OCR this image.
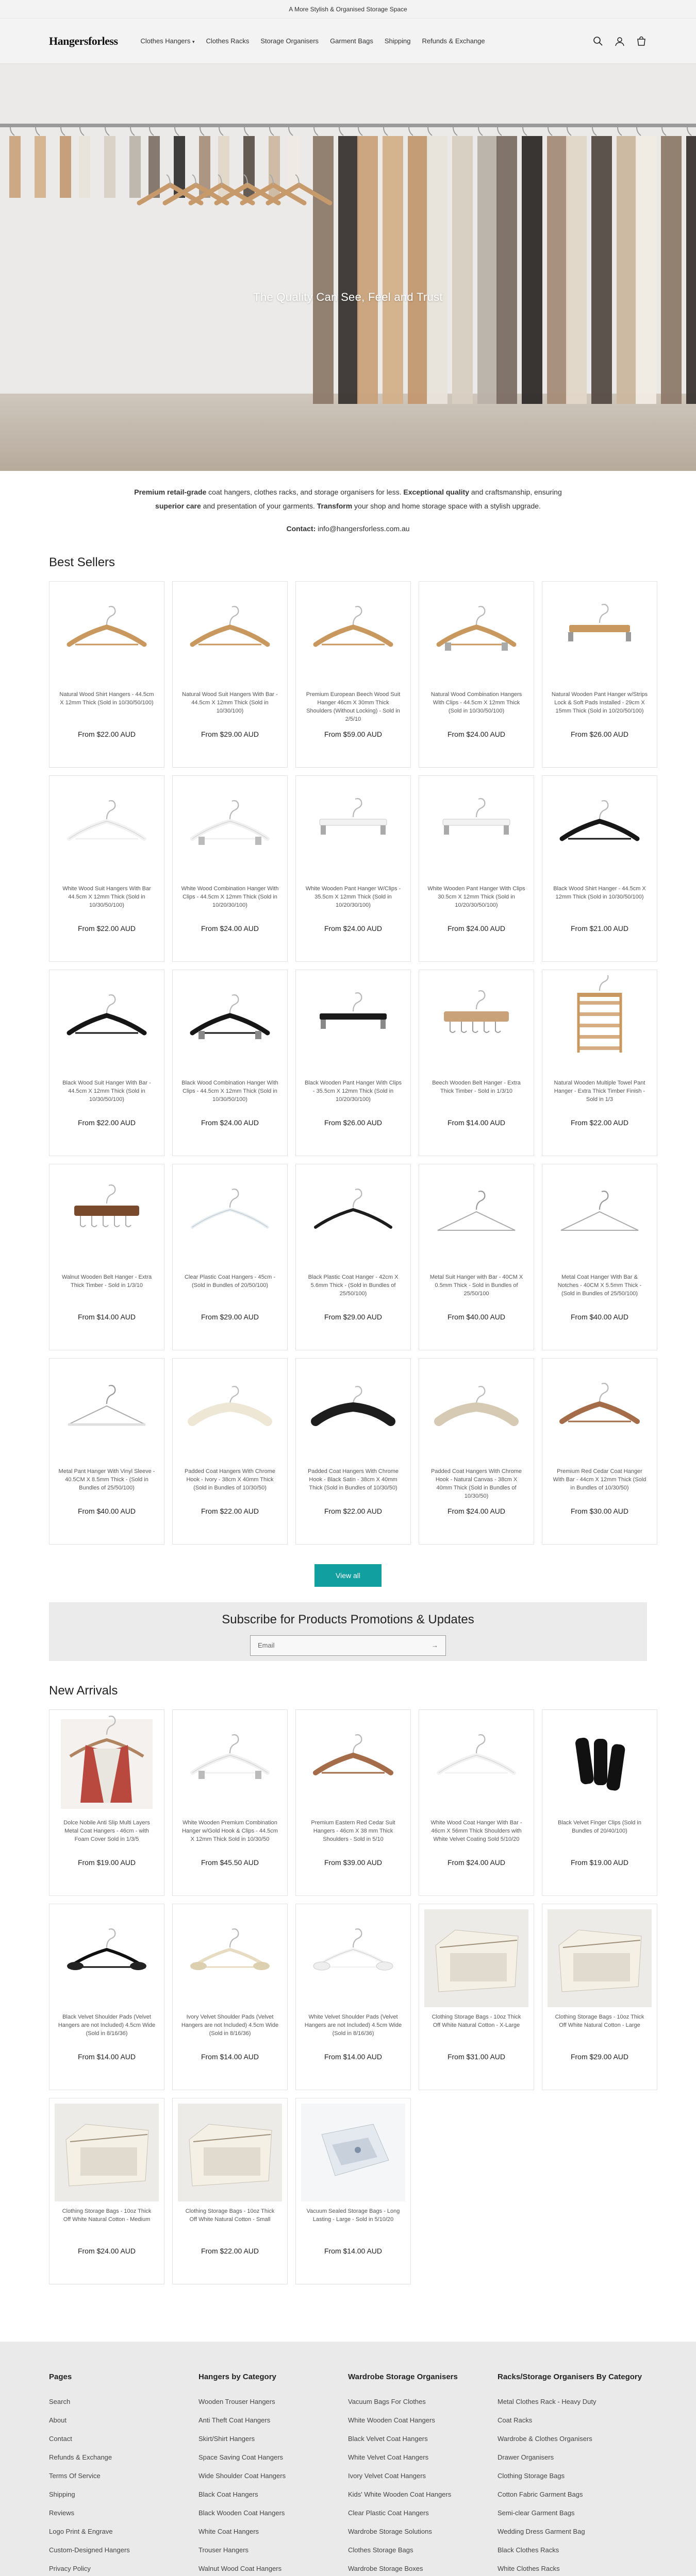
A More Stylish & Organised Storage Space
Hangersforless	Clothes Hangers ▾ Clothes Racks Storage Organisers Garment Bags Shipping Refunds & Exchange
The Quality Can See, Feel and Trust

Premium retail-grade coat hangers, clothes racks, and storage organisers for less. Exceptional quality and craftsmanship, ensuring superior care and presentation of your garments. Transform your shop and home storage space with a stylish upgrade.

Contact: info@hangersforless.com.au

Best Sellers
Natural Wood Shirt Hangers - 44.5cm X 12mm Thick (Sold in 10/30/50/100)
From $22.00 AUD
Natural Wood Suit Hangers With Bar - 44.5cm X 12mm Thick (Sold in 10/30/100)
From $29.00 AUD
Premium European Beech Wood Suit Hanger 46cm X 30mm Thick Shoulders (Without Locking) - Sold in 2/5/10
From $59.00 AUD
Natural Wood Combination Hangers With Clips - 44.5cm X 12mm Thick (Sold in 10/30/50/100)
From $24.00 AUD
Natural Wooden Pant Hanger w/Strips Lock & Soft Pads Installed - 29cm X 15mm Thick (Sold in 10/20/50/100)
From $26.00 AUD
White Wood Suit Hangers With Bar 44.5cm X 12mm Thick (Sold in 10/30/50/100)
From $22.00 AUD
White Wood Combination Hanger With Clips - 44.5cm X 12mm Thick (Sold in 10/20/30/100)
From $24.00 AUD
White Wooden Pant Hanger W/Clips - 35.5cm X 12mm Thick (Sold in 10/20/30/100)
From $24.00 AUD
White Wooden Pant Hanger With Clips 30.5cm X 12mm Thick (Sold in 10/20/30/50/100)
From $24.00 AUD
Black Wood Shirt Hanger - 44.5cm X 12mm Thick (Sold in 10/30/50/100)
From $21.00 AUD
Black Wood Suit Hanger With Bar - 44.5cm X 12mm Thick (Sold in 10/30/50/100)
From $22.00 AUD
Black Wood Combination Hanger With Clips - 44.5cm X 12mm Thick (Sold in 10/30/50/100)
From $24.00 AUD
Black Wooden Pant Hanger With Clips - 35.5cm X 12mm Thick (Sold in 10/20/30/100)
From $26.00 AUD
Beech Wooden Belt Hanger - Extra Thick Timber - Sold in 1/3/10
From $14.00 AUD
Natural Wooden Multiple Towel Pant Hanger - Extra Thick Timber Finish - Sold in 1/3
From $22.00 AUD
Walnut Wooden Belt Hanger - Extra Thick Timber - Sold in 1/3/10
From $14.00 AUD
Clear Plastic Coat Hangers - 45cm - (Sold in Bundles of 20/50/100)
From $29.00 AUD
Black Plastic Coat Hanger - 42cm X 5.6mm Thick - (Sold in Bundles of 25/50/100)
From $29.00 AUD
Metal Suit Hanger with Bar - 40CM X 0.5mm Thick - Sold in Bundles of 25/50/100
From $40.00 AUD
Metal Coat Hanger With Bar & Notches - 40CM X 5.5mm Thick - (Sold in Bundles of 25/50/100)
From $40.00 AUD
Metal Pant Hanger With Vinyl Sleeve - 40.5CM X 8.5mm Thick - (Sold in Bundles of 25/50/100)
From $40.00 AUD
Padded Coat Hangers With Chrome Hook - Ivory - 38cm X 40mm Thick (Sold in Bundles of 10/30/50)
From $22.00 AUD
Padded Coat Hangers With Chrome Hook - Black Satin - 38cm X 40mm Thick (Sold in Bundles of 10/30/50)
From $22.00 AUD
Padded Coat Hangers With Chrome Hook - Natural Canvas - 38cm X 40mm Thick (Sold in Bundles of 10/30/50)
From $24.00 AUD
Premium Red Cedar Coat Hanger With Bar - 44cm X 12mm Thick (Sold in Bundles of 10/30/50)
From $30.00 AUD
View all
Subscribe for Products Promotions & Updates
Email	→
New Arrivals
Dolce Nobile Anti Slip Multi Layers Metal Coat Hangers - 46cm - with Foam Cover Sold in 1/3/5
From $19.00 AUD
White Wooden Premium Combination Hanger w/Gold Hook & Clips - 44.5cm X 12mm Thick Sold in 10/30/50
From $45.50 AUD
Premium Eastern Red Cedar Suit Hangers - 46cm X 38 mm Thick Shoulders - Sold in 5/10
From $39.00 AUD
White Wood Coat Hanger With Bar - 46cm X 56mm Thick Shoulders with White Velvet Coating Sold 5/10/20
From $24.00 AUD
Black Velvet Finger Clips (Sold in Bundles of 20/40/100)
From $19.00 AUD
Black Velvet Shoulder Pads (Velvet Hangers are not Included) 4.5cm Wide (Sold in 8/16/36)
From $14.00 AUD
Ivory Velvet Shoulder Pads (Velvet Hangers are not Included) 4.5cm Wide (Sold in 8/16/36)
From $14.00 AUD
White Velvet Shoulder Pads (Velvet Hangers are not Included) 4.5cm Wide (Sold in 8/16/36)
From $14.00 AUD
Clothing Storage Bags - 10oz Thick Off White Natural Cotton - X-Large
From $31.00 AUD
Clothing Storage Bags - 10oz Thick Off White Natural Cotton - Large
From $29.00 AUD
Clothing Storage Bags - 10oz Thick Off White Natural Cotton - Medium
From $24.00 AUD
Clothing Storage Bags - 10oz Thick Off White Natural Cotton - Small
From $22.00 AUD
Vacuum Sealed Storage Bags - Long Lasting - Large - Sold in 5/10/20
From $14.00 AUD
Pages
Search
About
Contact
Refunds & Exchange
Terms Of Service
Shipping
Reviews
Logo Print & Engrave
Custom-Designed Hangers
Privacy Policy
Hangers by Category
Wooden Trouser Hangers
Anti Theft Coat Hangers
Skirt/Shirt Hangers
Space Saving Coat Hangers
Wide Shoulder Coat Hangers
Black Coat Hangers
Black Wooden Coat Hangers
White Coat Hangers
Trouser Hangers
Walnut Wood Coat Hangers
Wardrobe Storage Organisers
Vacuum Bags For Clothes
White Wooden Coat Hangers
Black Velvet Coat Hangers
White Velvet Coat Hangers
Ivory Velvet Coat Hangers
Kids' White Wooden Coat Hangers
Clear Plastic Coat Hangers
Wardrobe Storage Solutions
Clothes Storage Bags
Wardrobe Storage Boxes
Racks/Storage Organisers By Category
Metal Clothes Rack - Heavy Duty
Coat Racks
Wardrobe & Clothes Organisers
Drawer Organisers
Clothing Storage Bags
Cotton Fabric Garment Bags
Semi-clear Garment Bags
Wedding Dress Garment Bag
Black Clothes Racks
White Clothes Racks
